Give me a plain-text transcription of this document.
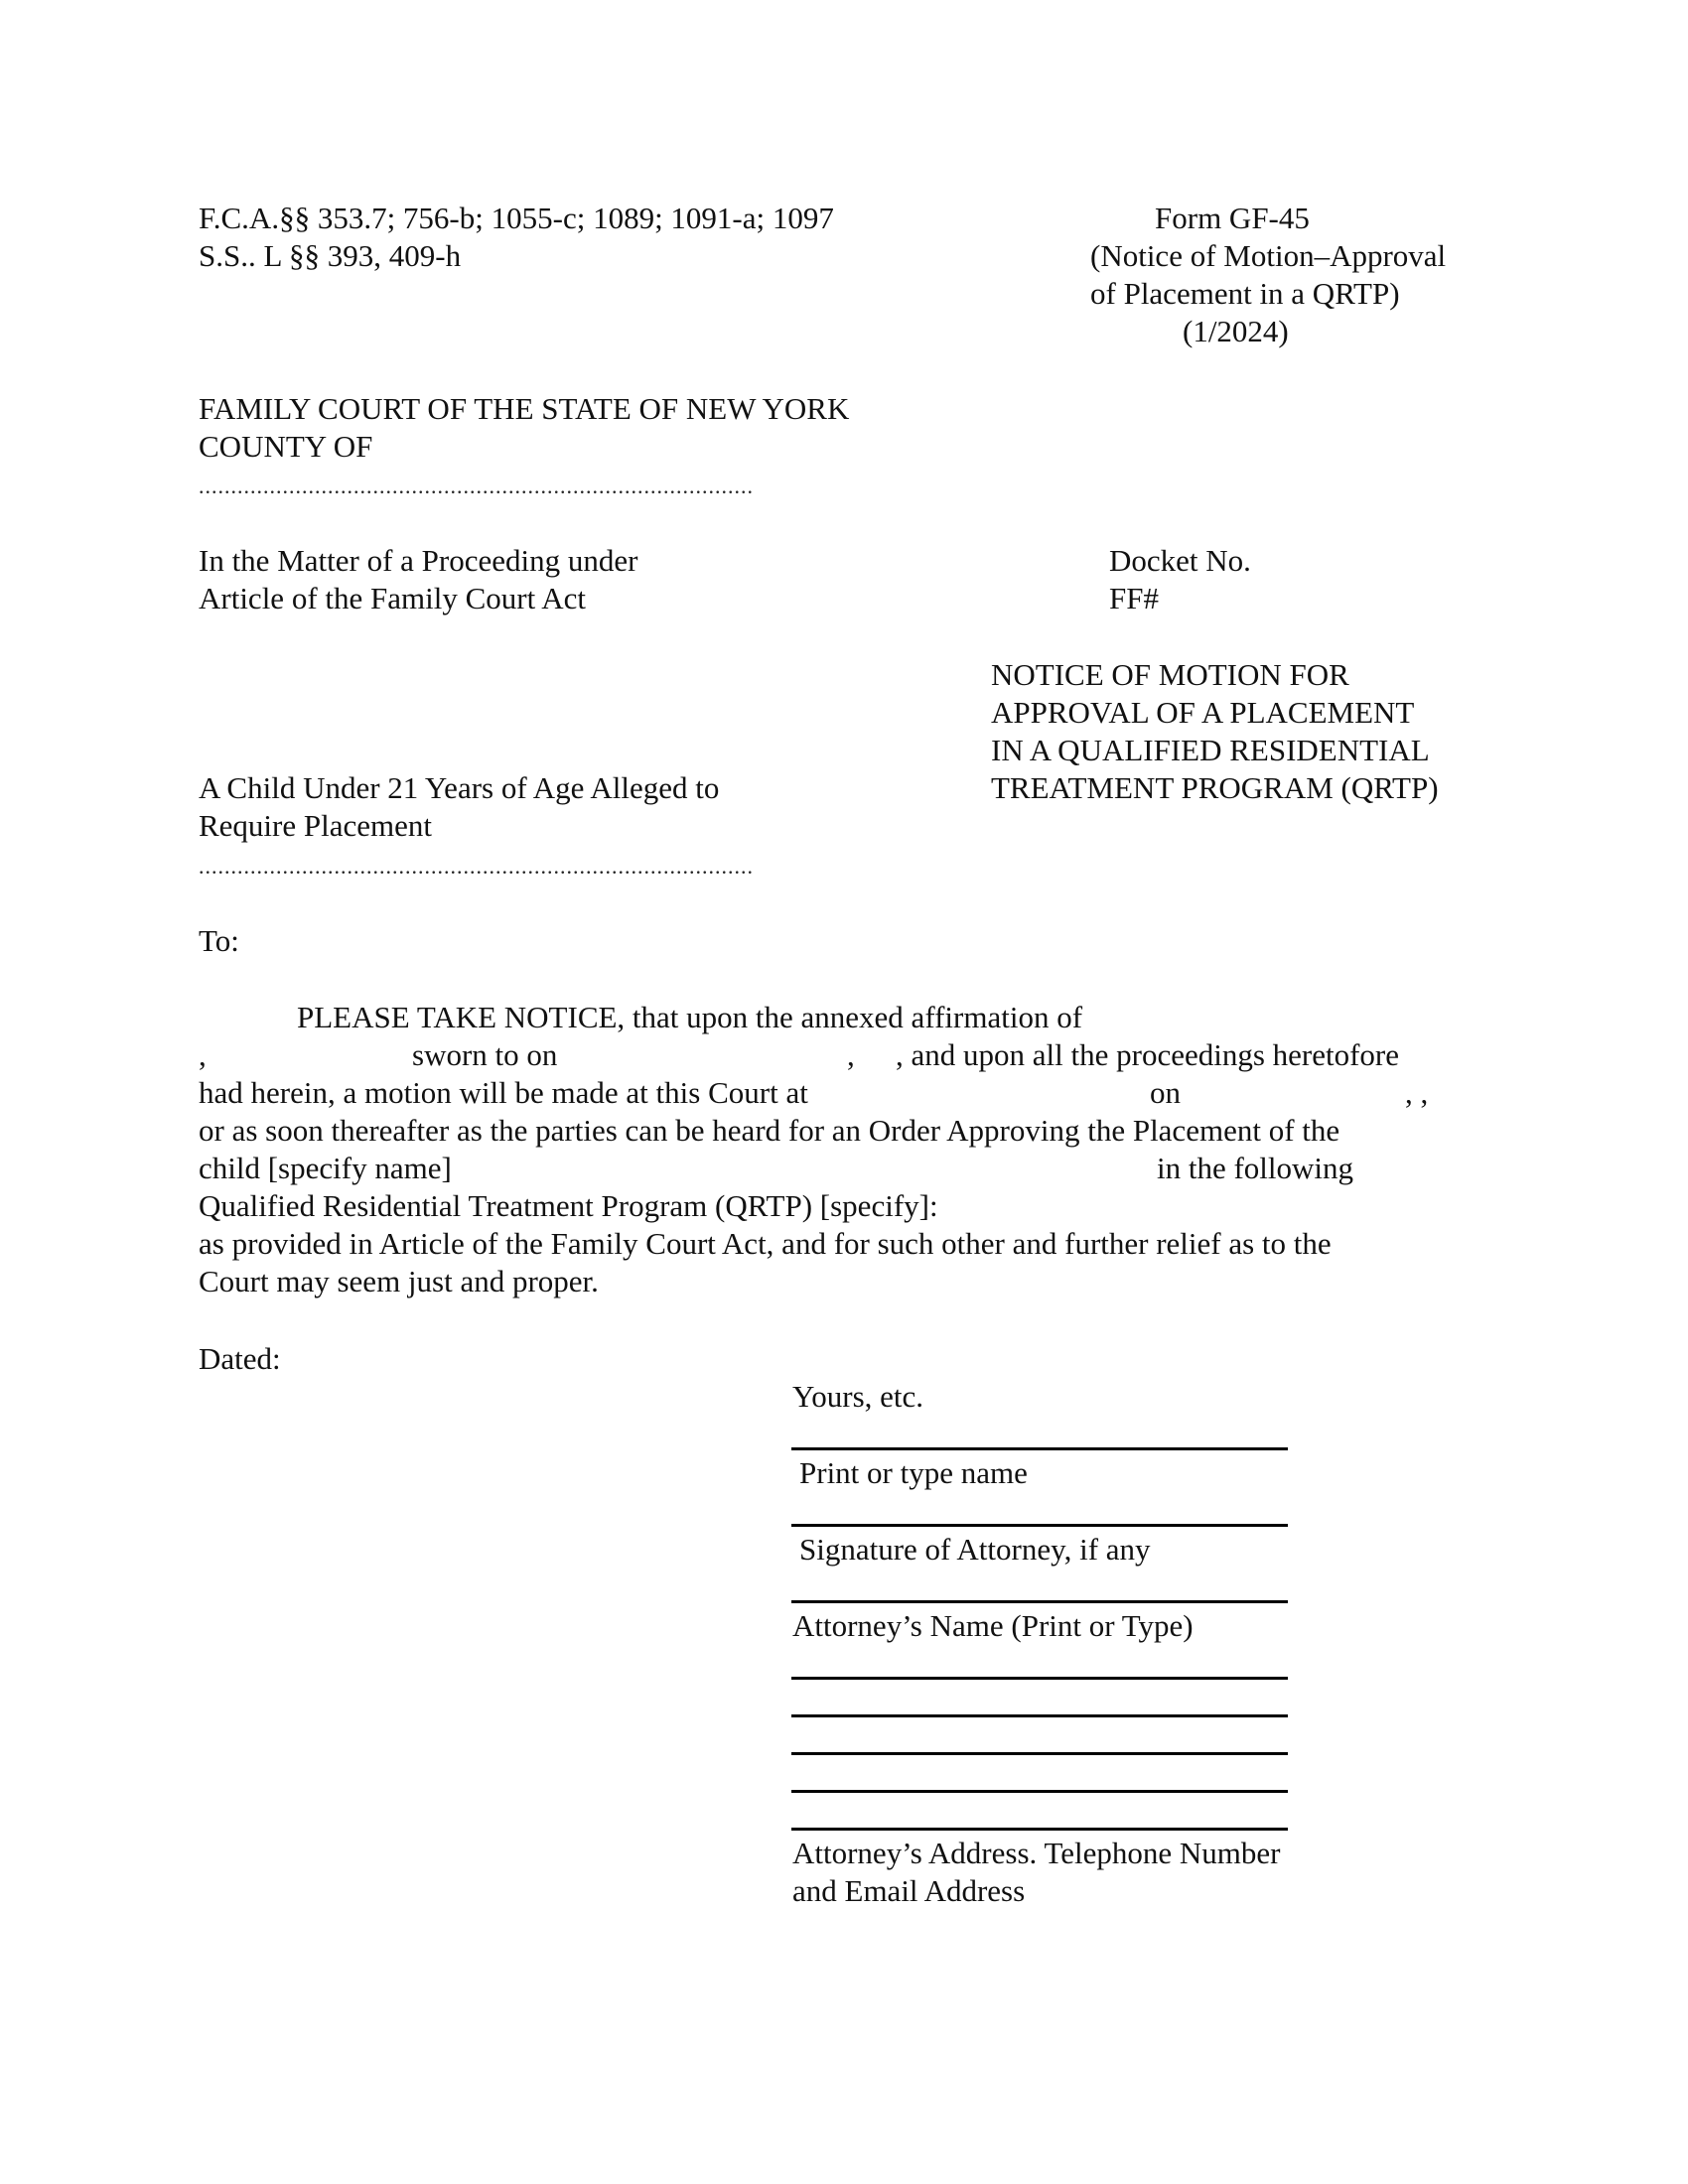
F.C.A.§§ 353.7; 756-b; 1055-c; 1089; 1091-a; 1097
S.S.. L §§ 393, 409-h
Form GF-45
(Notice of Motion–Approval
of Placement in a QRTP)
(1/2024)
FAMILY COURT OF THE STATE OF NEW YORK
COUNTY OF
......................................................................................
In the Matter of a Proceeding under
Article of the Family Court Act
Docket No.
FF#
NOTICE OF MOTION FOR
APPROVAL OF A PLACEMENT
IN A QUALIFIED RESIDENTIAL
TREATMENT PROGRAM (QRTP)
A Child Under 21 Years of Age Alleged to
Require Placement
......................................................................................
To:
PLEASE TAKE NOTICE, that upon the annexed affirmation of
,	sworn to on	, , and upon all the proceedings heretofore
had herein, a motion will be made at this Court at	on	, ,
or as soon thereafter as the parties can be heard for an Order Approving the Placement of the
child [specify name]	in the following
Qualified Residential Treatment Program (QRTP) [specify]:
as provided in Article of the Family Court Act, and for such other and further relief as to the
Court may seem just and proper.
Dated:
Yours, etc.
Print or type name
Signature of Attorney, if any
Attorney’s Name (Print or Type)
Attorney’s Address. Telephone Number
and Email Address
